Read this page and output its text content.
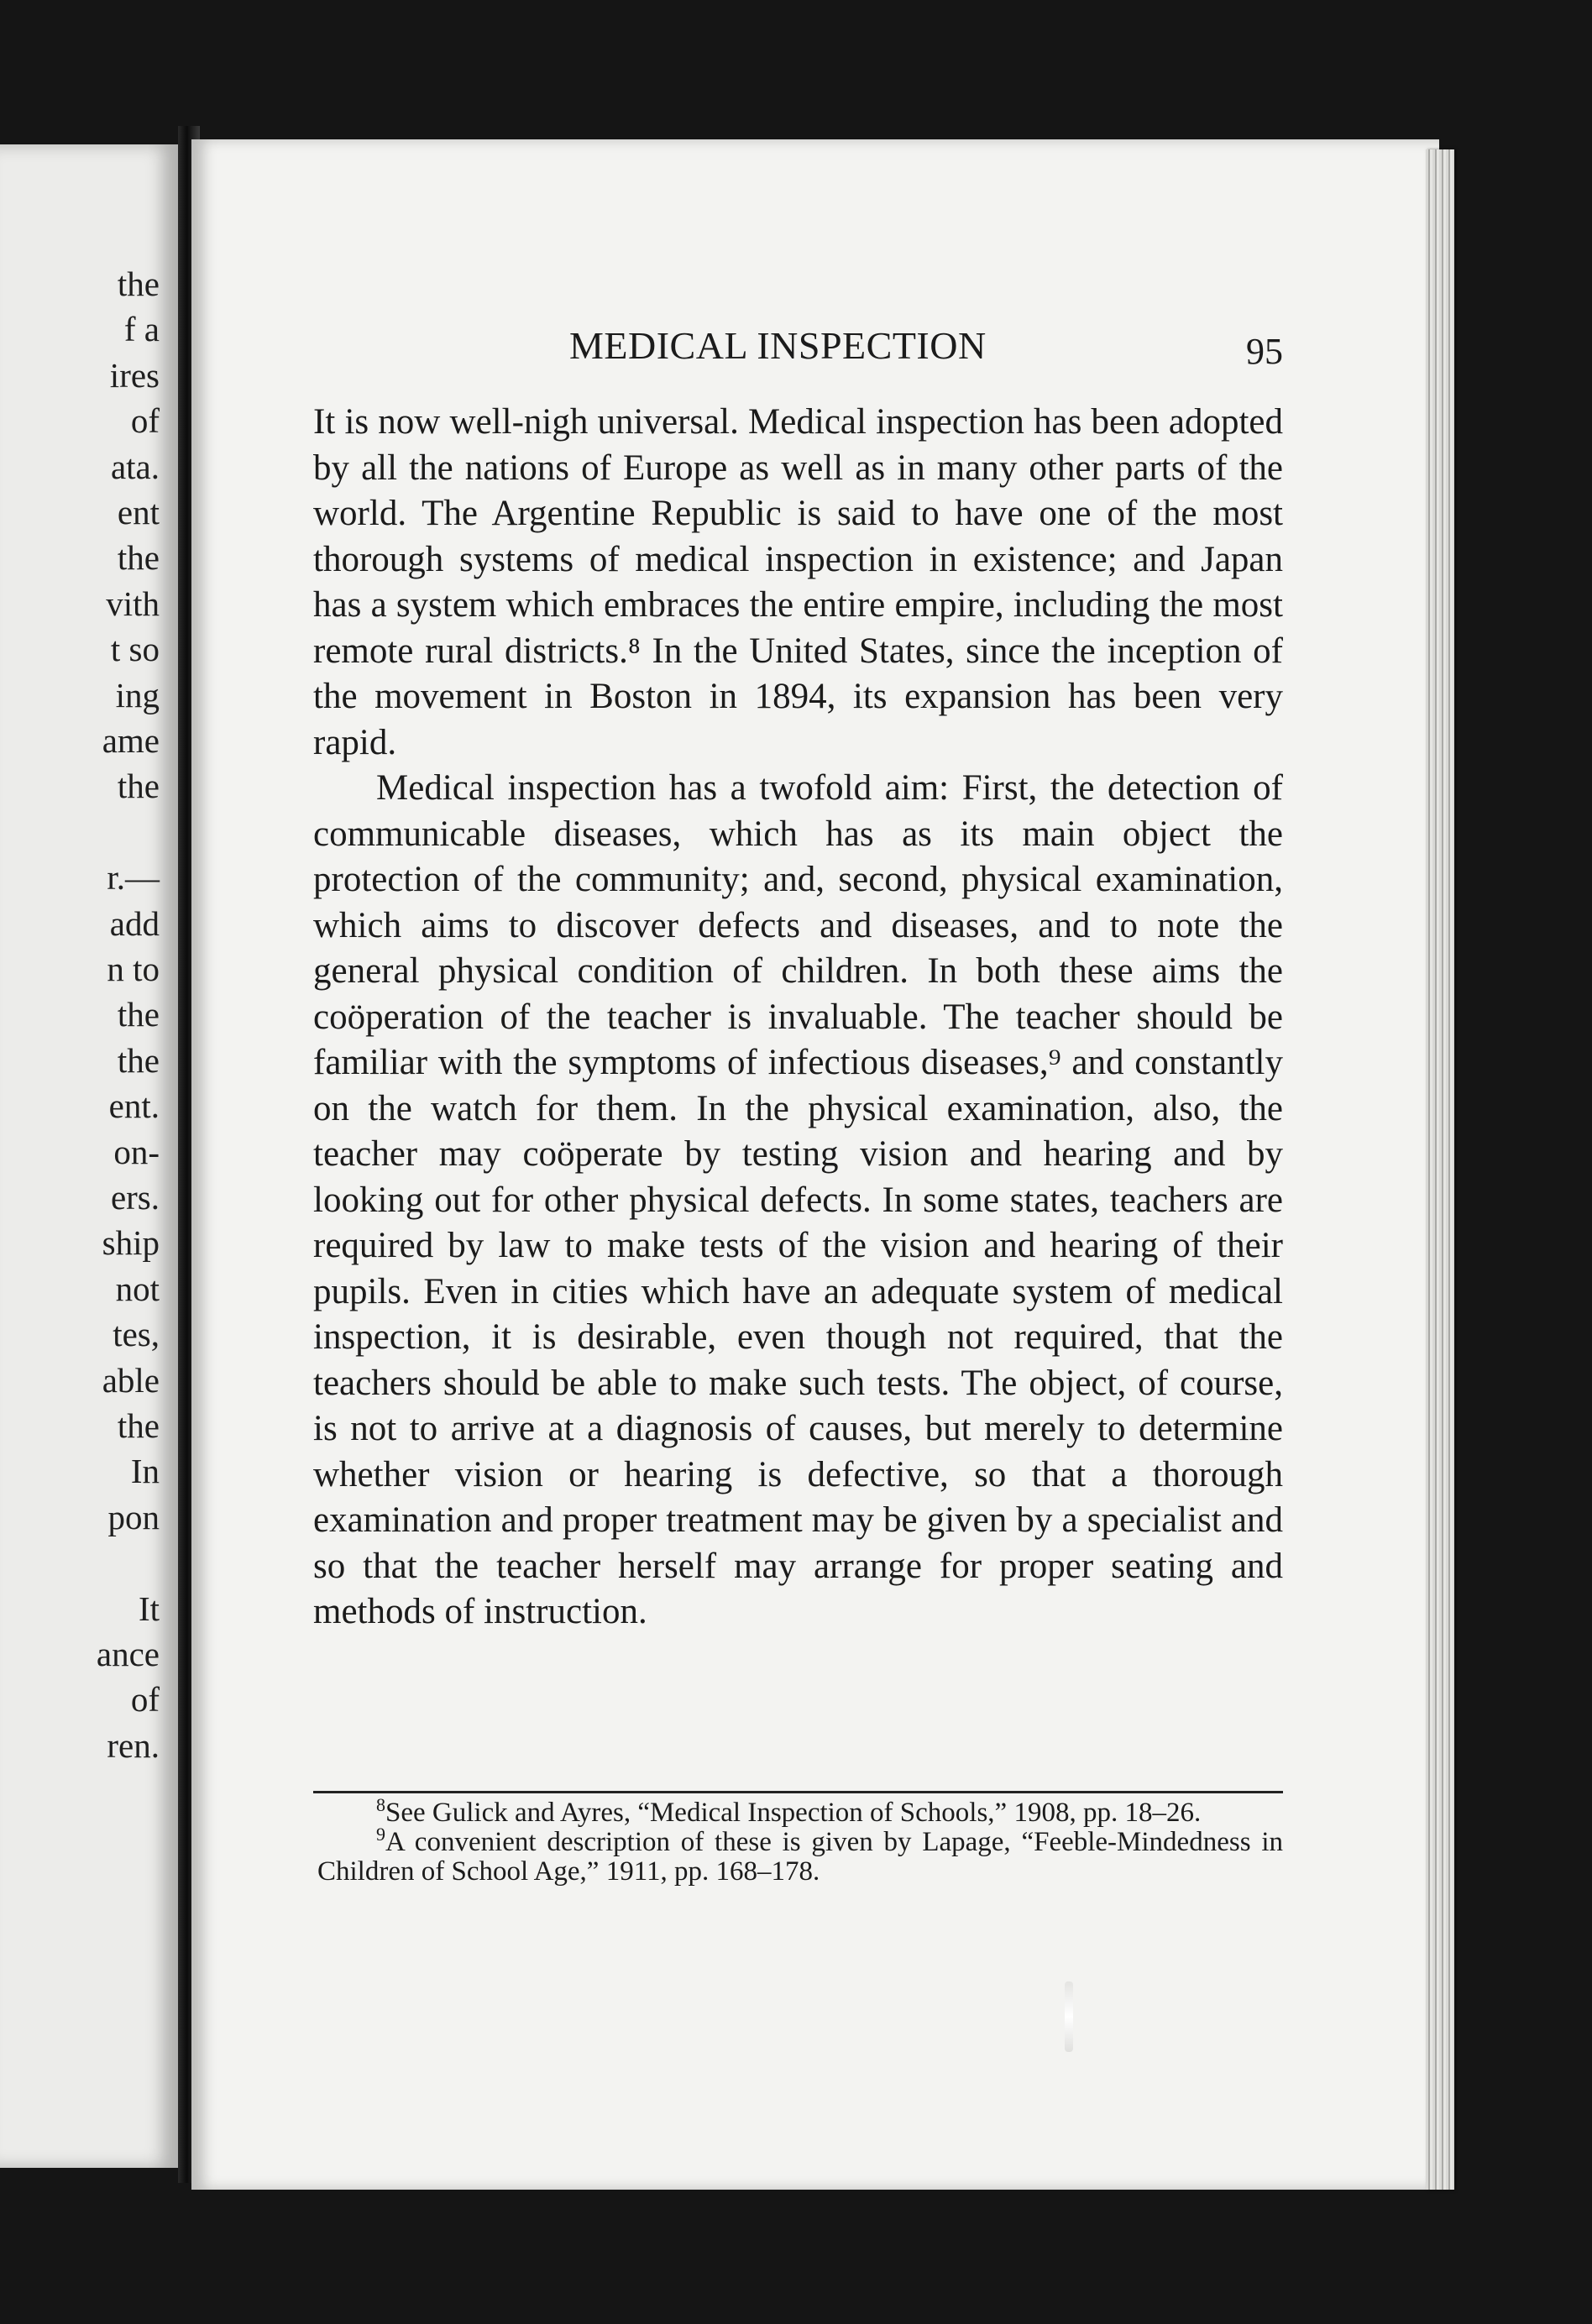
the

f a

ires

of

ata.

ent

the

vith

t so

ing

ame

the

r.—

add

n to

the

the

ent.

on-

ers.

ship

not

tes,

able

the

In

pon

It

ance

of

ren.

MEDICAL INSPECTION	95

It is now well-nigh universal. Medical inspection has been adopted by all the nations of Europe as well as in many other parts of the world. The Argentine Republic is said to have one of the most thorough systems of medical inspection in existence; and Japan has a system which embraces the entire empire, including the most remote rural districts.⁸ In the United States, since the inception of the movement in Boston in 1894, its expansion has been very rapid.

Medical inspection has a twofold aim: First, the detection of communicable diseases, which has as its main object the protection of the community; and, second, physical examination, which aims to discover defects and diseases, and to note the general physical condition of children. In both these aims the coöperation of the teacher is invaluable. The teacher should be familiar with the symptoms of infectious diseases,⁹ and constantly on the watch for them. In the physical examination, also, the teacher may coöperate by testing vision and hearing and by looking out for other physical defects. In some states, teachers are required by law to make tests of the vision and hearing of their pupils. Even in cities which have an adequate system of medical inspection, it is desirable, even though not required, that the teachers should be able to make such tests. The object, of course, is not to arrive at a diagnosis of causes, but merely to determine whether vision or hearing is defective, so that a thorough examination and proper treatment may be given by a specialist and so that the teacher herself may arrange for proper seating and methods of instruction.

$^8$See Gulick and Ayres, “Medical Inspection of Schools,” 1908, pp. 18–26.

$^9$A convenient description of these is given by Lapage, “Feeble-Mindedness in Children of School Age,” 1911, pp. 168–178.
